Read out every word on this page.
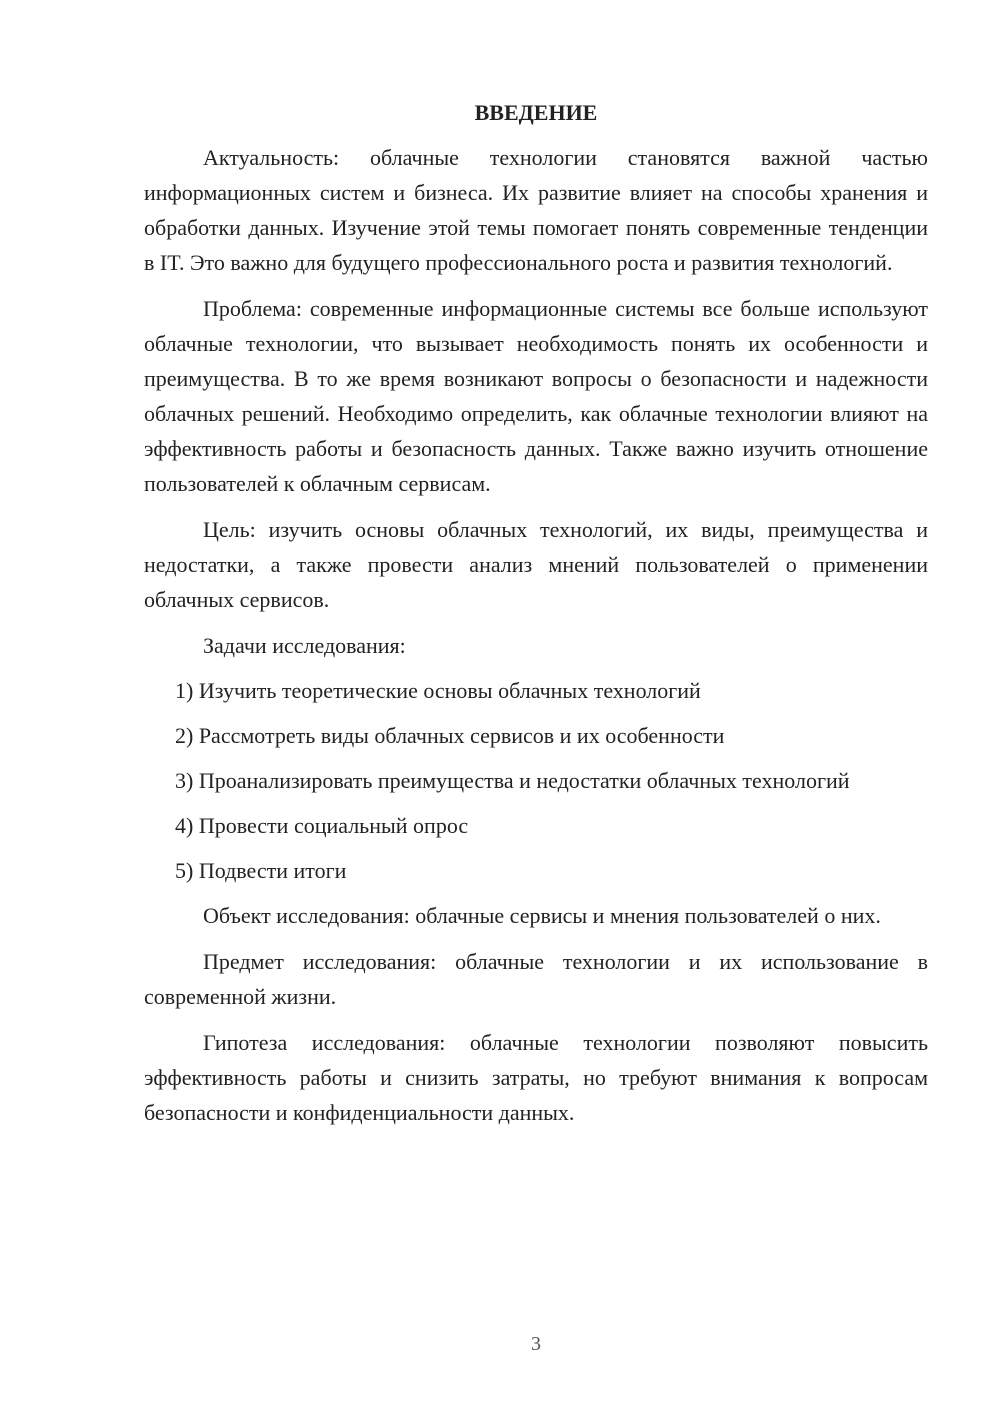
ВВЕДЕНИЕ

Актуальность: облачные технологии становятся важной частью информационных систем и бизнеса. Их развитие влияет на способы хранения и обработки данных. Изучение этой темы помогает понять современные тенденции в IT. Это важно для будущего профессионального роста и развития технологий.

Проблема: современные информационные системы все больше используют облачные технологии, что вызывает необходимость понять их особенности и преимущества. В то же время возникают вопросы о безопасности и надежности облачных решений. Необходимо определить, как облачные технологии влияют на эффективность работы и безопасность данных. Также важно изучить отношение пользователей к облачным сервисам.

Цель: изучить основы облачных технологий, их виды, преимущества и недостатки, а также провести анализ мнений пользователей о применении облачных сервисов.

Задачи исследования:

1) Изучить теоретические основы облачных технологий

2) Рассмотреть виды облачных сервисов и их особенности

3) Проанализировать преимущества и недостатки облачных технологий

4) Провести социальный опрос

5) Подвести итоги

Объект исследования: облачные сервисы и мнения пользователей о них.

Предмет исследования: облачные технологии и их использование в современной жизни.

Гипотеза исследования: облачные технологии позволяют повысить эффективность работы и снизить затраты, но требуют внимания к вопросам безопасности и конфиденциальности данных.

3
